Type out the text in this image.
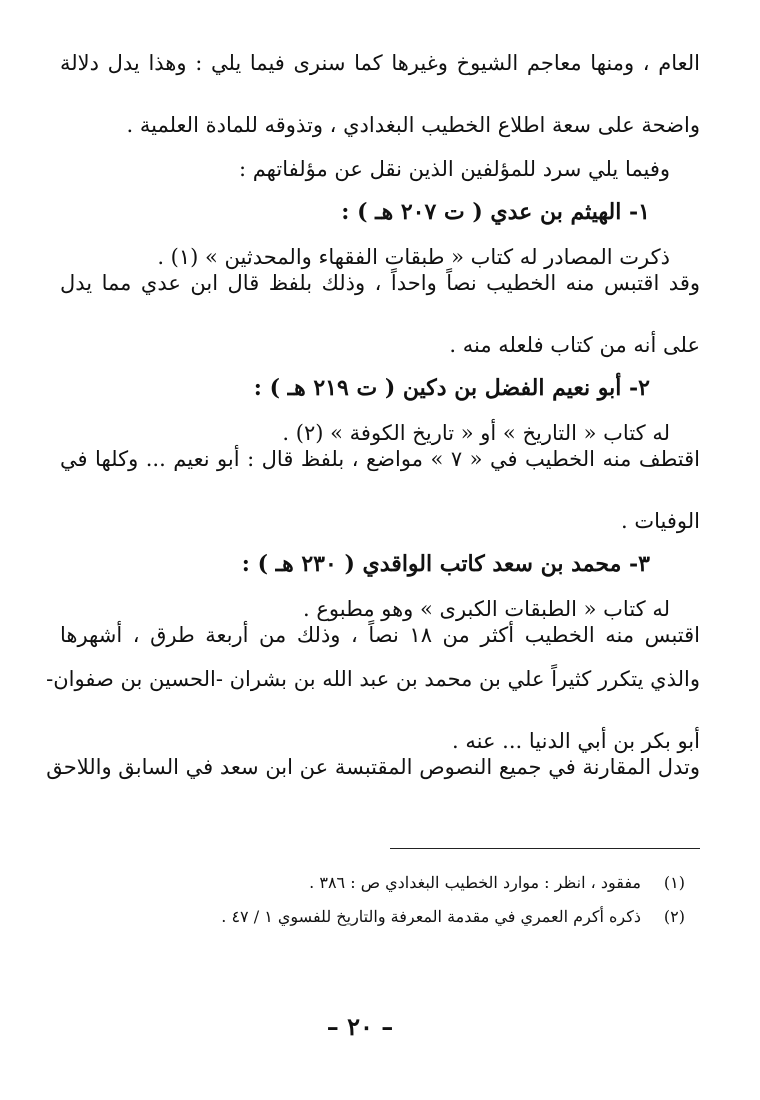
العام ، ومنها معاجم الشيوخ وغيرها كما سنرى فيما يلي : وهذا يدل دلالة
واضحة على سعة اطلاع الخطيب البغدادي ، وتذوقه للمادة العلمية .
وفيما يلي سرد للمؤلفين الذين نقل عن مؤلفاتهم :
١- الهيثم بن عدي ( ت ٢٠٧ هـ ) :
ذكرت المصادر له كتاب « طبقات الفقهاء والمحدثين » (١) .
وقد اقتبس منه الخطيب نصاً واحداً ، وذلك بلفظ قال ابن عدي مما يدل
على أنه من كتاب فلعله منه .
٢- أبو نعيم الفضل بن دكين ( ت ٢١٩ هـ ) :
له كتاب « التاريخ » أو « تاريخ الكوفة » (٢) .
اقتطف منه الخطيب في « ٧ » مواضع ، بلفظ قال : أبو نعيم ... وكلها في
الوفيات .
٣- محمد بن سعد كاتب الواقدي ( ٢٣٠ هـ ) :
له كتاب « الطبقات الكبرى » وهو مطبوع .
اقتبس منه الخطيب أكثر من ١٨ نصاً ، وذلك من أربعة طرق ، أشهرها
والذي يتكرر كثيراً علي بن محمد بن عبد الله بن بشران -الحسين بن صفوان-
أبو بكر بن أبي الدنيا ... عنه .
وتدل المقارنة في جميع النصوص المقتبسة عن ابن سعد في السابق واللاحق
(١)
مفقود ، انظر : موارد الخطيب البغدادي ص : ٣٨٦ .
(٢)
ذكره أكرم العمري في مقدمة المعرفة والتاريخ للفسوي ١ / ٤٧ .
– ٢٠ –
